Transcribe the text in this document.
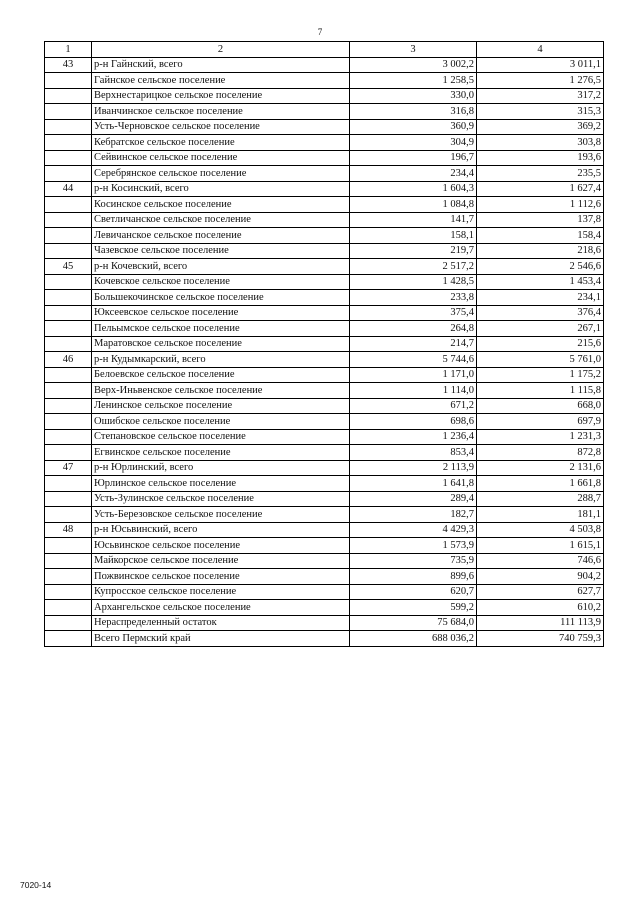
7
1	2	3	4
43	р-н Гайнский, всего	3 002,2	3 011,1
	Гайнское сельское поселение	1 258,5	1 276,5
	Верхнестарицкое сельское поселение	330,0	317,2
	Иванчинское сельское поселение	316,8	315,3
	Усть-Черновское сельское поселение	360,9	369,2
	Кебратское сельское поселение	304,9	303,8
	Сейвинское сельское поселение	196,7	193,6
	Серебрянское сельское поселение	234,4	235,5
44	р-н Косинский, всего	1 604,3	1 627,4
	Косинское сельское поселение	1 084,8	1 112,6
	Светличанское сельское поселение	141,7	137,8
	Левичанское сельское поселение	158,1	158,4
	Чазевское сельское поселение	219,7	218,6
45	р-н Кочевский, всего	2 517,2	2 546,6
	Кочевское сельское поселение	1 428,5	1 453,4
	Большекочинское сельское поселение	233,8	234,1
	Юксеевское сельское поселение	375,4	376,4
	Пельымское сельское поселение	264,8	267,1
	Маратовское сельское поселение	214,7	215,6
46	р-н Кудымкарский, всего	5 744,6	5 761,0
	Белоевское сельское поселение	1 171,0	1 175,2
	Верх-Иньвенское сельское поселение	1 114,0	1 115,8
	Ленинское сельское поселение	671,2	668,0
	Ошибское сельское поселение	698,6	697,9
	Степановское сельское поселение	1 236,4	1 231,3
	Егвинское сельское поселение	853,4	872,8
47	р-н Юрлинский, всего	2 113,9	2 131,6
	Юрлинское сельское поселение	1 641,8	1 661,8
	Усть-Зулинское сельское поселение	289,4	288,7
	Усть-Березовское сельское поселение	182,7	181,1
48	р-н Юсьвинский, всего	4 429,3	4 503,8
	Юсьвинское сельское поселение	1 573,9	1 615,1
	Майкорское сельское поселение	735,9	746,6
	Пожвинское сельское поселение	899,6	904,2
	Купросское сельское поселение	620,7	627,7
	Архангельское сельское поселение	599,2	610,2
	Нераспределенный остаток	75 684,0	111 113,9
	Всего Пермский край	688 036,2	740 759,3
7020-14
